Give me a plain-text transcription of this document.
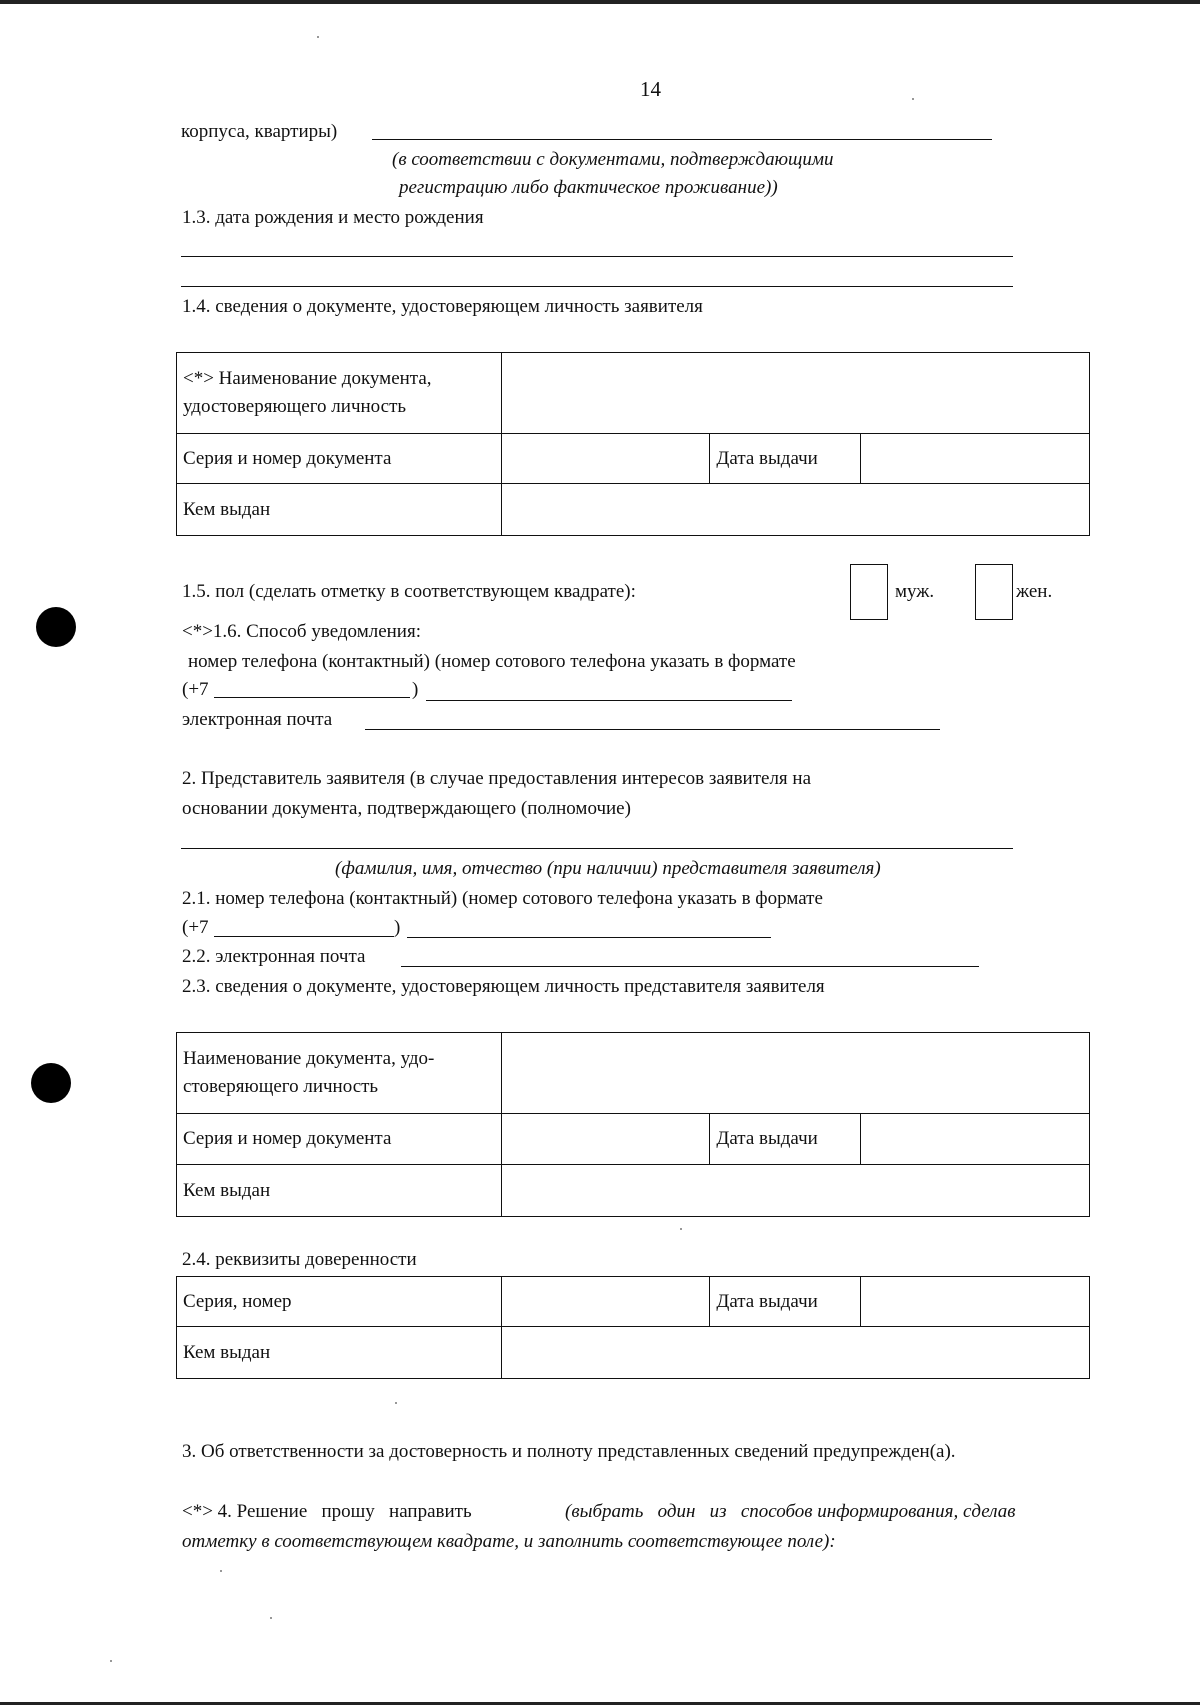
14
корпуса, квартиры)
(в соответствии с документами, подтверждающими
регистрацию либо фактическое проживание))
1.3. дата рождения и место рождения
1.4. сведения о документе, удостоверяющем личность заявителя
<*> Наименование документа,
удостоверяющего личность			

Серия и номер документа		Дата выдачи	
Кем выдан			
1.5. пол (сделать отметку в соответствующем квадрате):	муж.	жен.
<*>1.6. Способ уведомления:
номер телефона (контактный) (номер сотового телефона указать в формате
(+7	)
электронная почта
2. Представитель заявителя (в случае предоставления интересов заявителя на
основании документа, подтверждающего (полномочие)
(фамилия, имя, отчество (при наличии) представителя заявителя)
2.1. номер телефона (контактный) (номер сотового телефона указать в формате
(+7	)
2.2. электронная почта
2.3. сведения о документе, удостоверяющем личность представителя заявителя
Наименование документа, удо-
стоверяющего личность			

Серия и номер документа		Дата выдачи	
Кем выдан			
2.4. реквизиты доверенности
Серия, номер		Дата выдачи	
Кем выдан			
3. Об ответственности за достоверность и полноту представленных сведений предупрежден(а).
<*> 4. Решение   прошу   направить	(выбрать   один   из   способов информирования, сделав
отметку в соответствующем квадрате, и заполнить соответствующее поле):
